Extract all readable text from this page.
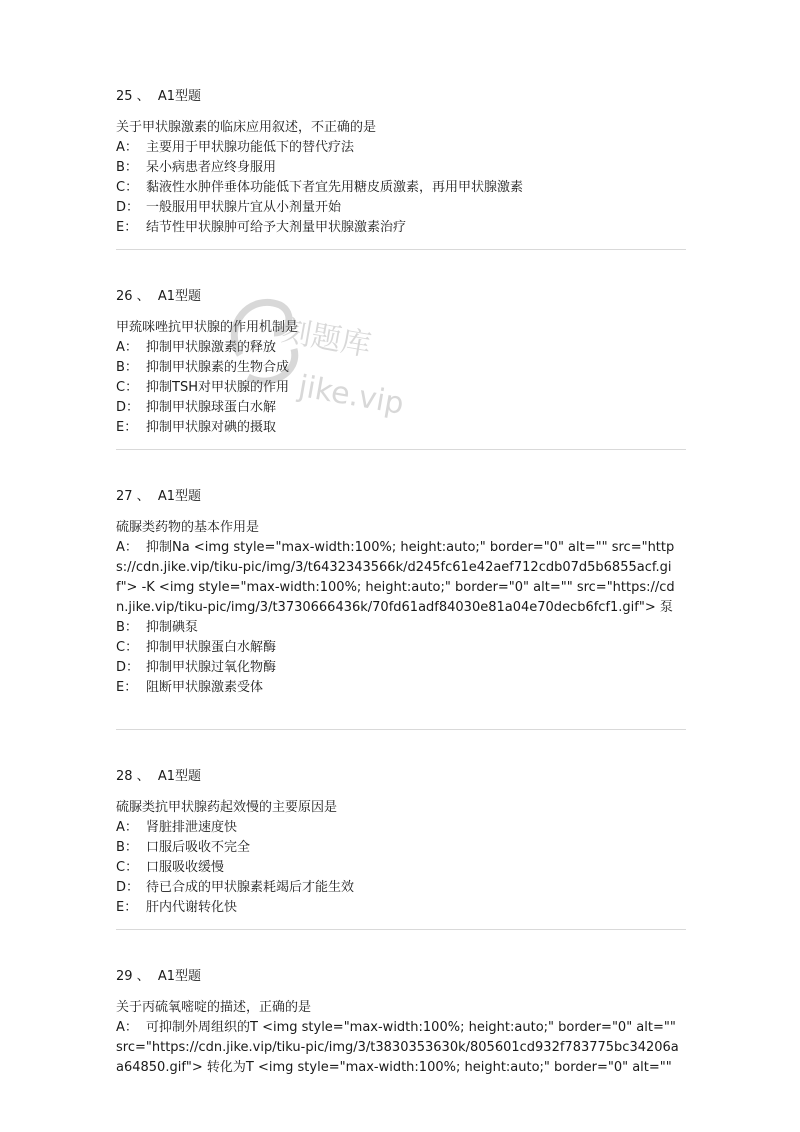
25 、 A1型题
关于甲状腺激素的临床应用叙述，不正确的是
A： 主要用于甲状腺功能低下的替代疗法
B： 呆小病患者应终身服用
C： 黏液性水肿伴垂体功能低下者宜先用糖皮质激素，再用甲状腺激素
D： 一般服用甲状腺片宜从小剂量开始
E： 结节性甲状腺肿可给予大剂量甲状腺激素治疗
26 、 A1型题
甲巯咪唑抗甲状腺的作用机制是
A： 抑制甲状腺激素的释放
B： 抑制甲状腺素的生物合成
C： 抑制TSH对甲状腺的作用
D： 抑制甲状腺球蛋白水解
E： 抑制甲状腺对碘的摄取
27 、 A1型题
硫脲类药物的基本作用是
A： 抑制Na <img style="max-width:100%; height:auto;" border="0" alt="" src="https://cdn.jike.vip/tiku-pic/img/3/t6432343566k/d245fc61e42aef712cdb07d5b6855acf.gif"> -K <img style="max-width:100%; height:auto;" border="0" alt="" src="https://cdn.jike.vip/tiku-pic/img/3/t3730666436k/70fd61adf84030e81a04e70decb6fcf1.gif"> 泵
B： 抑制碘泵
C： 抑制甲状腺蛋白水解酶
D： 抑制甲状腺过氧化物酶
E： 阻断甲状腺激素受体
28 、 A1型题
硫脲类抗甲状腺药起效慢的主要原因是
A： 肾脏排泄速度快
B： 口服后吸收不完全
C： 口服吸收缓慢
D： 待已合成的甲状腺素耗竭后才能生效
E： 肝内代谢转化快
29 、 A1型题
关于丙硫氧嘧啶的描述，正确的是
A： 可抑制外周组织的T <img style="max-width:100%; height:auto;" border="0" alt="" src="https://cdn.jike.vip/tiku-pic/img/3/t3830353630k/805601cd932f783775bc34206aa64850.gif"> 转化为T <img style="max-width:100%; height:auto;" border="0" alt=""
刻题库
jike.vip
